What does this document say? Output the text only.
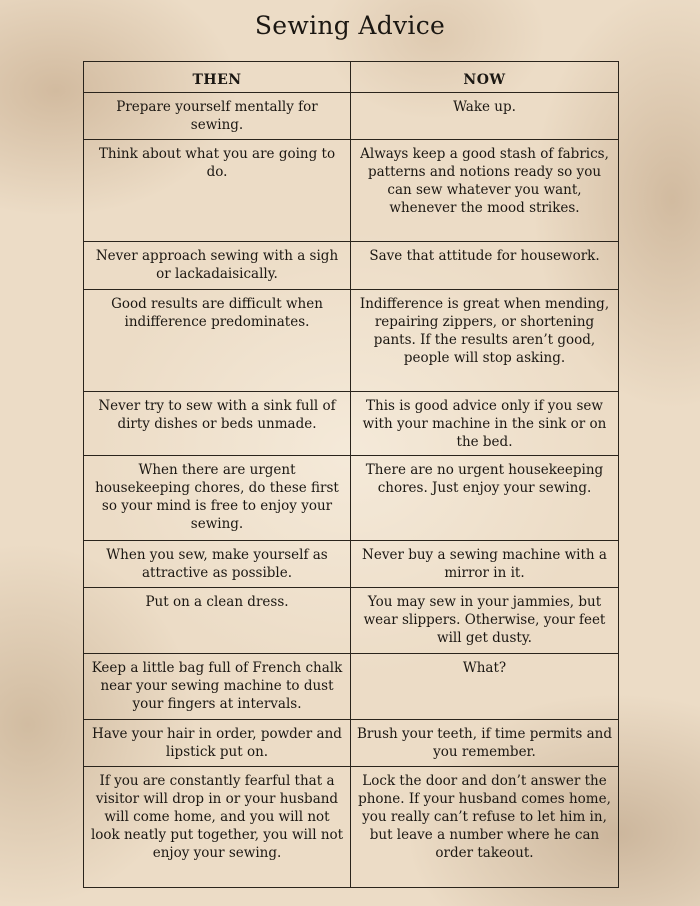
Sewing Advice
THEN	NOW
Prepare yourself mentally for sewing.	Wake up.
Think about what you are going to do.	Always keep a good stash of fabrics, patterns and notions ready so you can sew whatever you want, whenever the mood strikes.
Never approach sewing with a sigh or lackadaisically.	Save that attitude for housework.
Good results are difficult when indifference predominates.	Indifference is great when mending, repairing zippers, or shortening pants. If the results aren’t good, people will stop asking.
Never try to sew with a sink full of dirty dishes or beds unmade.	This is good advice only if you sew with your machine in the sink or on the bed.
When there are urgent housekeeping chores, do these first so your mind is free to enjoy your sewing.	There are no urgent housekeeping chores. Just enjoy your sewing.
When you sew, make yourself as attractive as possible.	Never buy a sewing machine with a mirror in it.
Put on a clean dress.	You may sew in your jammies, but wear slippers. Otherwise, your feet will get dusty.
Keep a little bag full of French chalk near your sewing machine to dust your fingers at intervals.	What?
Have your hair in order, powder and lipstick put on.	Brush your teeth, if time permits and you remember.
If you are constantly fearful that a visitor will drop in or your husband will come home, and you will not look neatly put together, you will not enjoy your sewing.	Lock the door and don’t answer the phone. If your husband comes home, you really can’t refuse to let him in, but leave a number where he can order takeout.
